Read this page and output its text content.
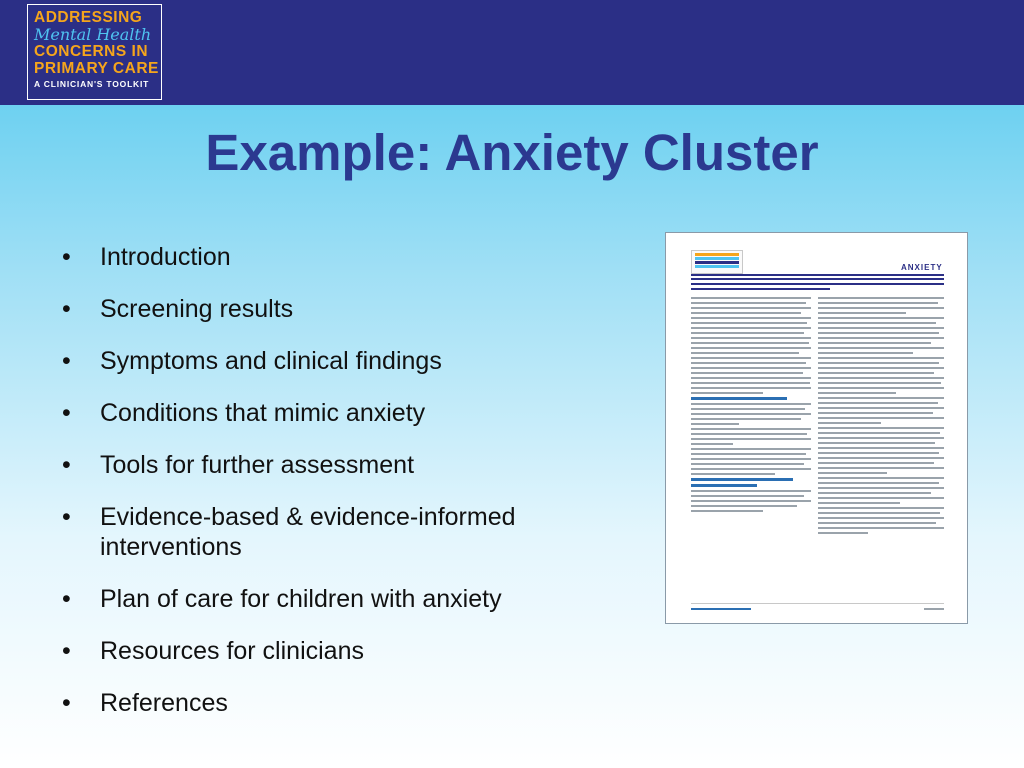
ADDRESSING
Mental Health
CONCERNS IN
PRIMARY CARE
A CLINICIAN'S TOOLKIT
Example: Anxiety Cluster
• Introduction
• Screening results
• Symptoms and clinical findings
• Conditions that mimic anxiety
• Tools for further assessment
• Evidence-based & evidence-informed interventions
• Plan of care for children with anxiety
• Resources for clinicians
• References
ANXIETY
